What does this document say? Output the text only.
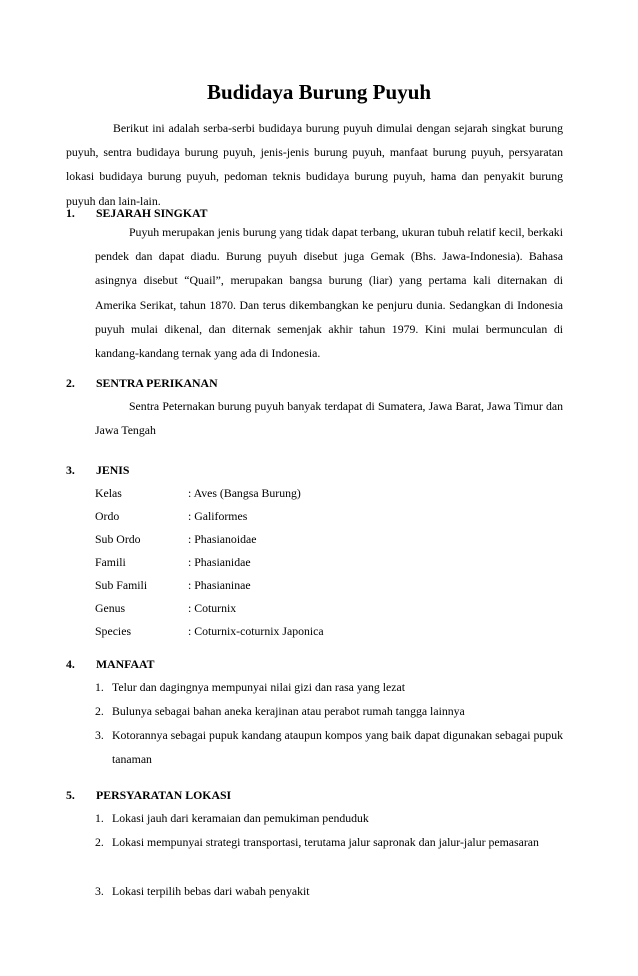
Budidaya Burung Puyuh
Berikut ini adalah serba-serbi budidaya burung puyuh dimulai dengan sejarah singkat burung puyuh, sentra budidaya burung puyuh, jenis-jenis burung puyuh, manfaat burung puyuh, persyaratan lokasi budidaya burung puyuh, pedoman teknis budidaya burung puyuh, hama dan penyakit burung puyuh dan lain-lain.
1. SEJARAH SINGKAT
Puyuh merupakan jenis burung yang tidak dapat terbang, ukuran tubuh relatif kecil, berkaki pendek dan dapat diadu. Burung puyuh disebut juga Gemak (Bhs. Jawa-Indonesia). Bahasa asingnya disebut “Quail”, merupakan bangsa burung (liar) yang pertama kali diternakan di Amerika Serikat, tahun 1870. Dan terus dikembangkan ke penjuru dunia. Sedangkan di Indonesia puyuh mulai dikenal, dan diternak semenjak akhir tahun 1979. Kini mulai bermunculan di kandang-kandang ternak yang ada di Indonesia.
2. SENTRA PERIKANAN
Sentra Peternakan burung puyuh banyak terdapat di Sumatera, Jawa Barat, Jawa Timur dan Jawa Tengah
3. JENIS
Kelas	: Aves (Bangsa Burung)
Ordo	: Galiformes
Sub Ordo	: Phasianoidae
Famili	: Phasianidae
Sub Famili	: Phasianinae
Genus	: Coturnix
Species	: Coturnix-coturnix Japonica
4. MANFAAT
1. Telur dan dagingnya mempunyai nilai gizi dan rasa yang lezat
2. Bulunya sebagai bahan aneka kerajinan atau perabot rumah tangga lainnya
3. Kotorannya sebagai pupuk kandang ataupun kompos yang baik dapat digunakan sebagai pupuk tanaman
5. PERSYARATAN LOKASI
1. Lokasi jauh dari keramaian dan pemukiman penduduk
2. Lokasi mempunyai strategi transportasi, terutama jalur sapronak dan jalur-jalur pemasaran
3. Lokasi terpilih bebas dari wabah penyakit
